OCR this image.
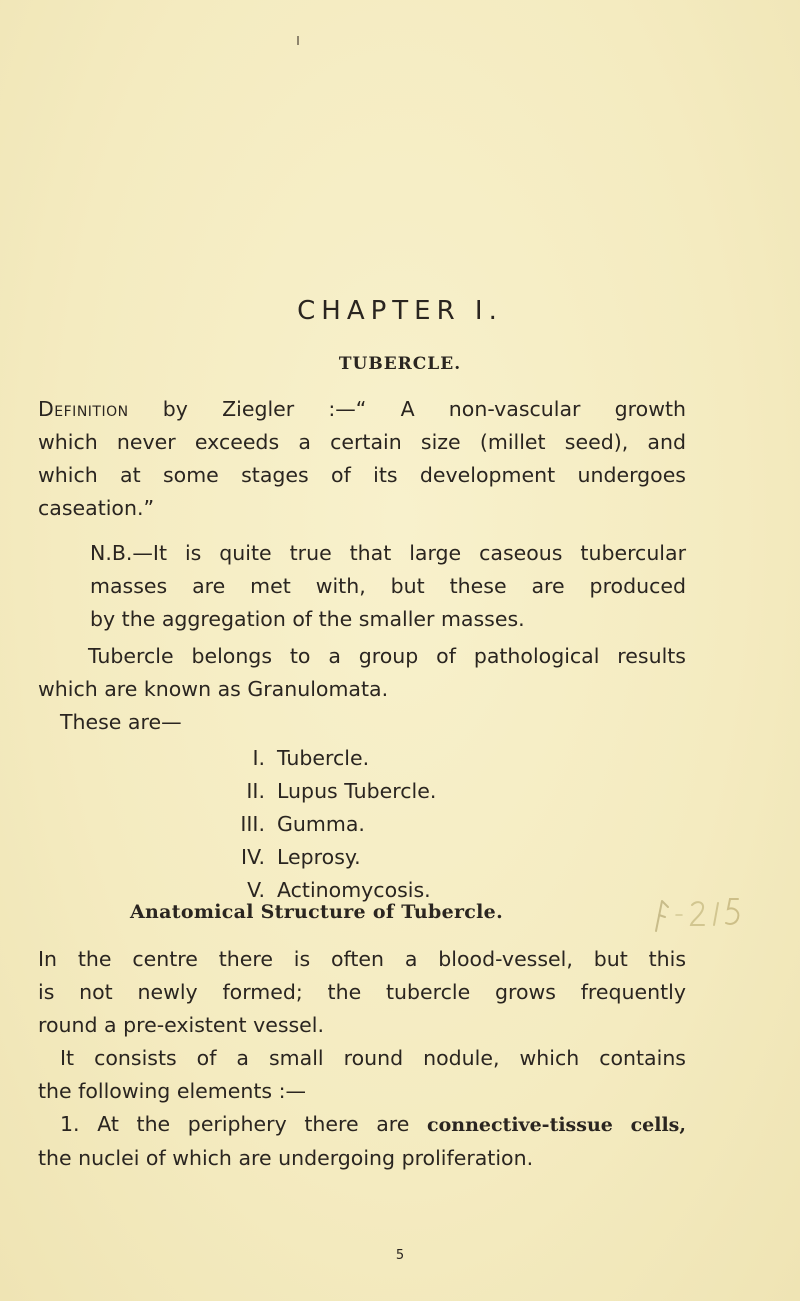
CHAPTER I.
TUBERCLE.
Definition by Ziegler :—“ A non-vascular growth
which never exceeds a certain size (millet seed), and
which at some stages of its development undergoes
caseation.”
N.B.—It is quite true that large caseous tubercular
masses are met with, but these are produced
by the aggregation of the smaller masses.
Tubercle belongs to a group of pathological results
which are known as Granulomata.
These are—
I. Tubercle.
II. Lupus Tubercle.
III. Gumma.
IV. Leprosy.
V. Actinomycosis.
Anatomical Structure of Tubercle.
In the centre there is often a blood-vessel, but this
is not newly formed; the tubercle grows frequently
round a pre-existent vessel.
It consists of a small round nodule, which contains
the following elements :—
1. At the periphery there are connective-tissue cells,
the nuclei of which are undergoing proliferation.
5
